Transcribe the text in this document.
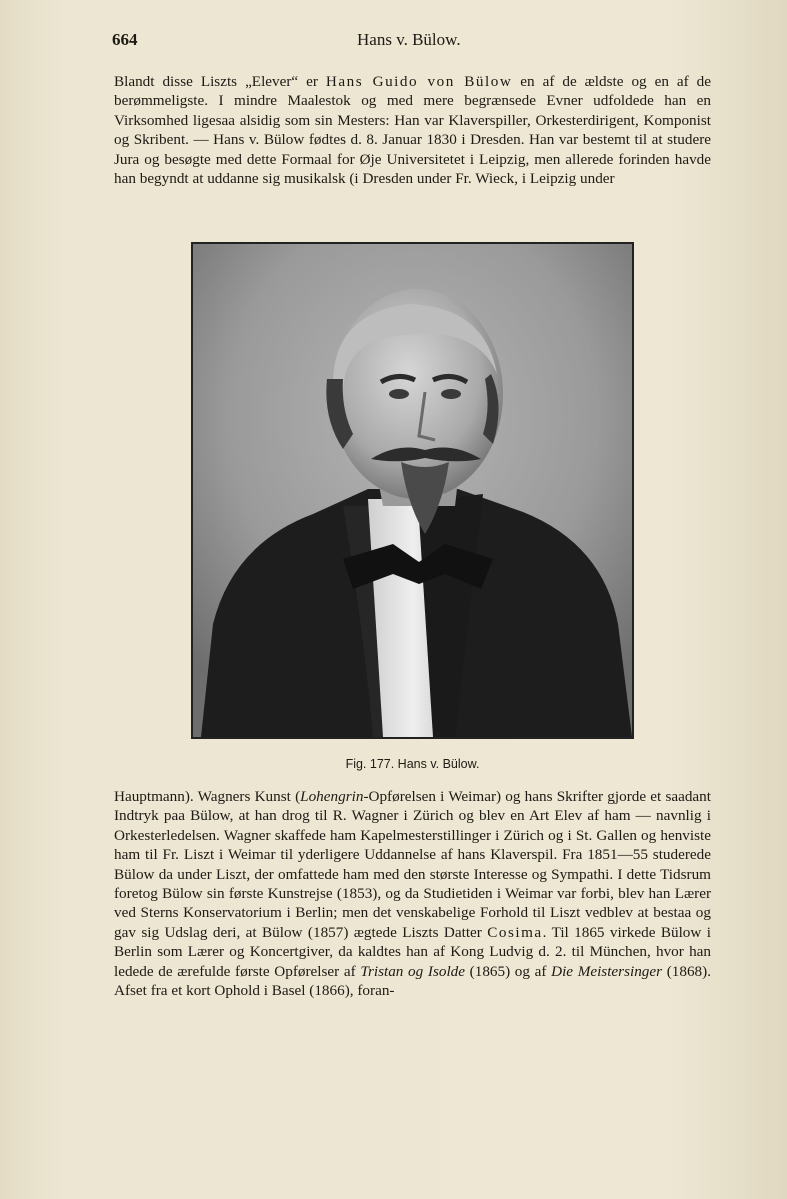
664	Hans v. Bülow.

Blandt disse Liszts „Elever“ er Hans Guido von Bülow en af de ældste og en af de berømmeligste. I mindre Maalestok og med mere begrænsede Evner udfoldede han en Virksomhed ligesaa alsidig som sin Mesters: Han var Klaverspiller, Orkesterdirigent, Komponist og Skribent. — Hans v. Bülow fødtes d. 8. Januar 1830 i Dresden. Han var bestemt til at studere Jura og besøgte med dette Formaal for Øje Universitetet i Leipzig, men allerede forinden havde han begyndt at uddanne sig musikalsk (i Dresden under Fr. Wieck, i Leipzig under

Fig. 177. Hans v. Bülow.

Hauptmann). Wagners Kunst (Lohengrin-Opførelsen i Weimar) og hans Skrifter gjorde et saadant Indtryk paa Bülow, at han drog til R. Wagner i Zürich og blev en Art Elev af ham — navnlig i Orkesterledelsen. Wagner skaffede ham Kapelmesterstillinger i Zürich og i St. Gallen og henviste ham til Fr. Liszt i Weimar til yderligere Uddannelse af hans Klaverspil. Fra 1851—55 studerede Bülow da under Liszt, der omfattede ham med den største Interesse og Sympathi. I dette Tidsrum foretog Bülow sin første Kunstrejse (1853), og da Studietiden i Weimar var forbi, blev han Lærer ved Sterns Konservatorium i Berlin; men det venskabelige Forhold til Liszt vedblev at bestaa og gav sig Udslag deri, at Bülow (1857) ægtede Liszts Datter Cosima. Til 1865 virkede Bülow i Berlin som Lærer og Koncertgiver, da kaldtes han af Kong Ludvig d. 2. til München, hvor han ledede de ærefulde første Opførelser af Tristan og Isolde (1865) og af Die Meistersinger (1868). Afset fra et kort Ophold i Basel (1866), foran-
